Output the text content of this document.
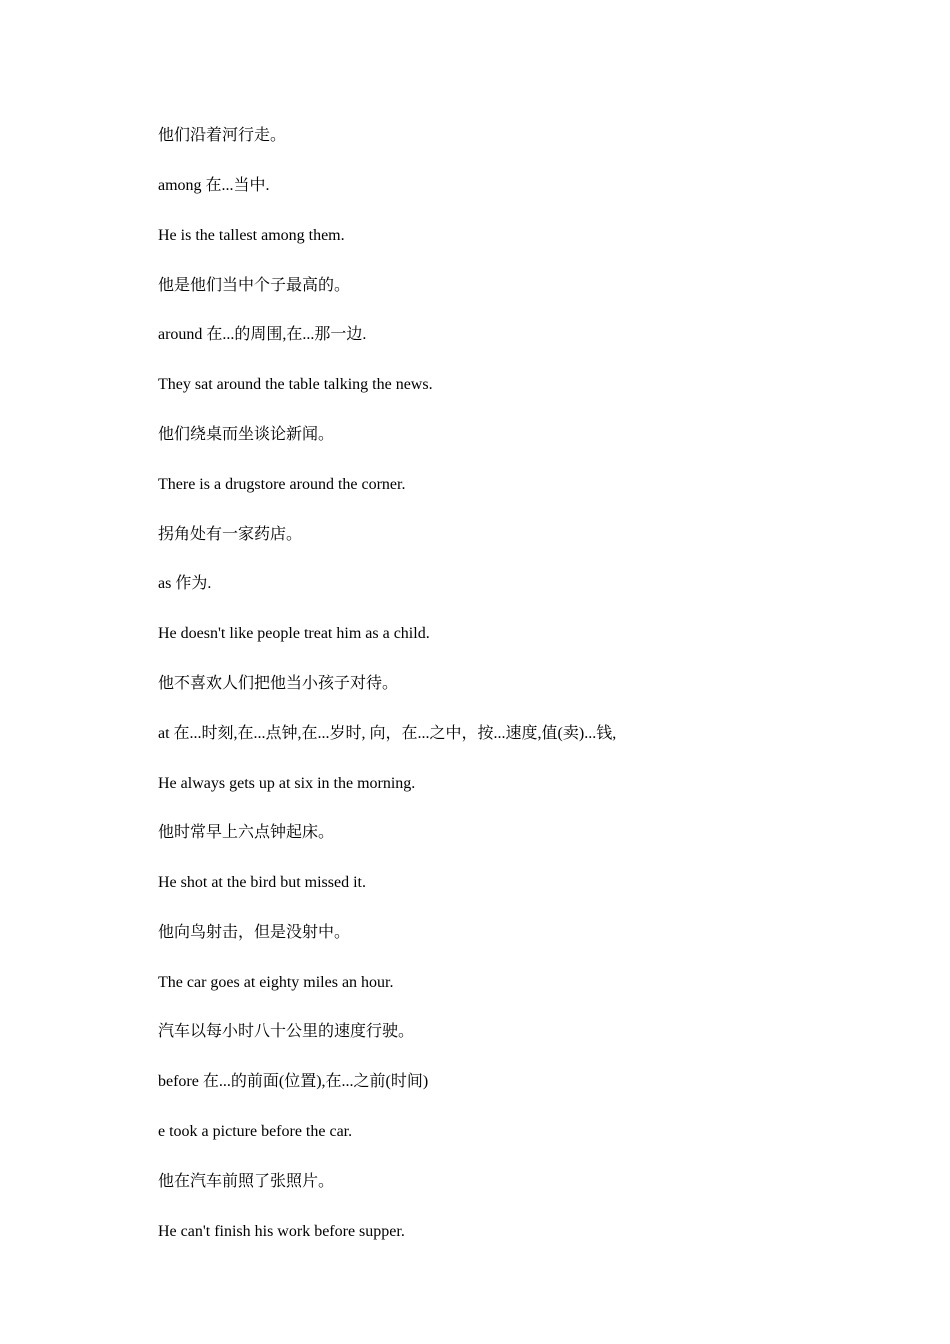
他们沿着河行走。
among 在...当中.
He is the tallest among them.
他是他们当中个子最高的。
around 在...的周围,在...那一边.
They sat around the table talking the news.
他们绕桌而坐谈论新闻。
There is a drugstore around the corner.
拐角处有一家药店。
as 作为.
He doesn't like people treat him as a child.
他不喜欢人们把他当小孩子对待。
at 在...时刻,在...点钟,在...岁时, 向，在...之中，按...速度,值(卖)...钱,
He always gets up at six in the morning.
他时常早上六点钟起床。
He shot at the bird but missed it.
他向鸟射击，但是没射中。
The car goes at eighty miles an hour.
汽车以每小时八十公里的速度行驶。
before 在...的前面(位置),在...之前(时间)
e took a picture before the car.
他在汽车前照了张照片。
He can't finish his work before supper.
